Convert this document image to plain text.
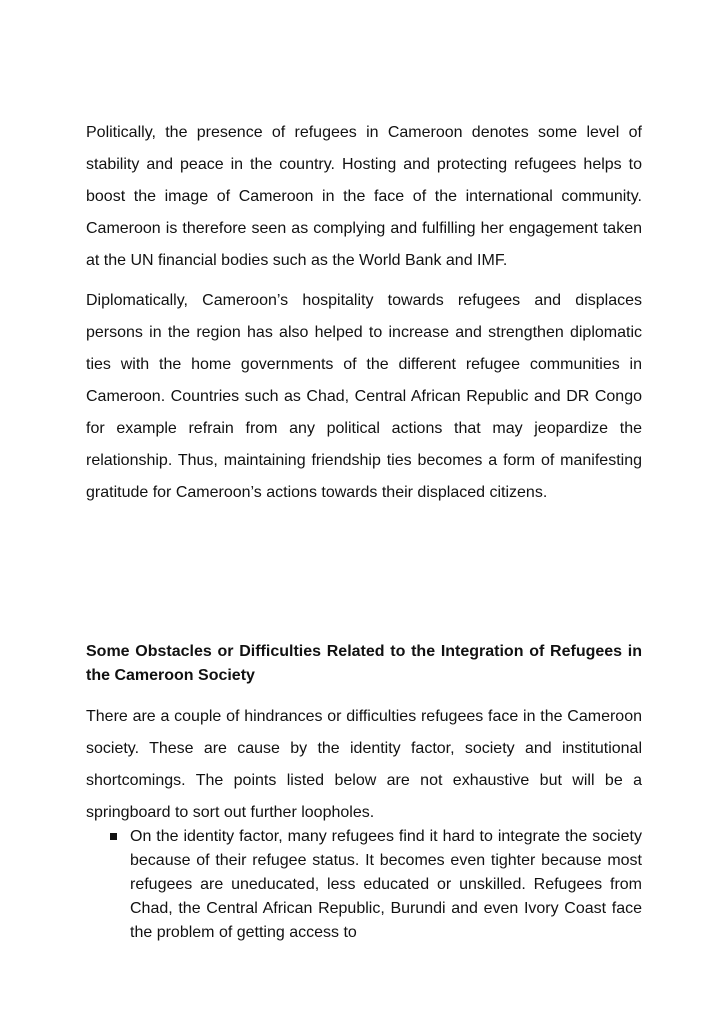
Politically, the presence of refugees in Cameroon denotes some level of stability and peace in the country. Hosting and protecting refugees helps to boost the image of Cameroon in the face of the international community. Cameroon is therefore seen as complying and fulfilling her engagement taken at the UN financial bodies such as the World Bank and IMF.

Diplomatically, Cameroon’s hospitality towards refugees and displaces persons in the region has also helped to increase and strengthen diplomatic ties with the home governments of the different refugee communities in Cameroon. Countries such as Chad, Central African Republic and DR Congo for example refrain from any political actions that may jeopardize the relationship. Thus, maintaining friendship ties becomes a form of manifesting gratitude for Cameroon’s actions towards their displaced citizens.

Some Obstacles or Difficulties Related to the Integration of Refugees in the Cameroon Society

There are a couple of hindrances or difficulties refugees face in the Cameroon society. These are cause by the identity factor, society and institutional shortcomings. The points listed below are not exhaustive but will be a springboard to sort out further loopholes.

On the identity factor, many refugees find it hard to integrate the society because of their refugee status. It becomes even tighter because most refugees are uneducated, less educated or unskilled. Refugees from Chad, the Central African Republic, Burundi and even Ivory Coast face the problem of getting access to
